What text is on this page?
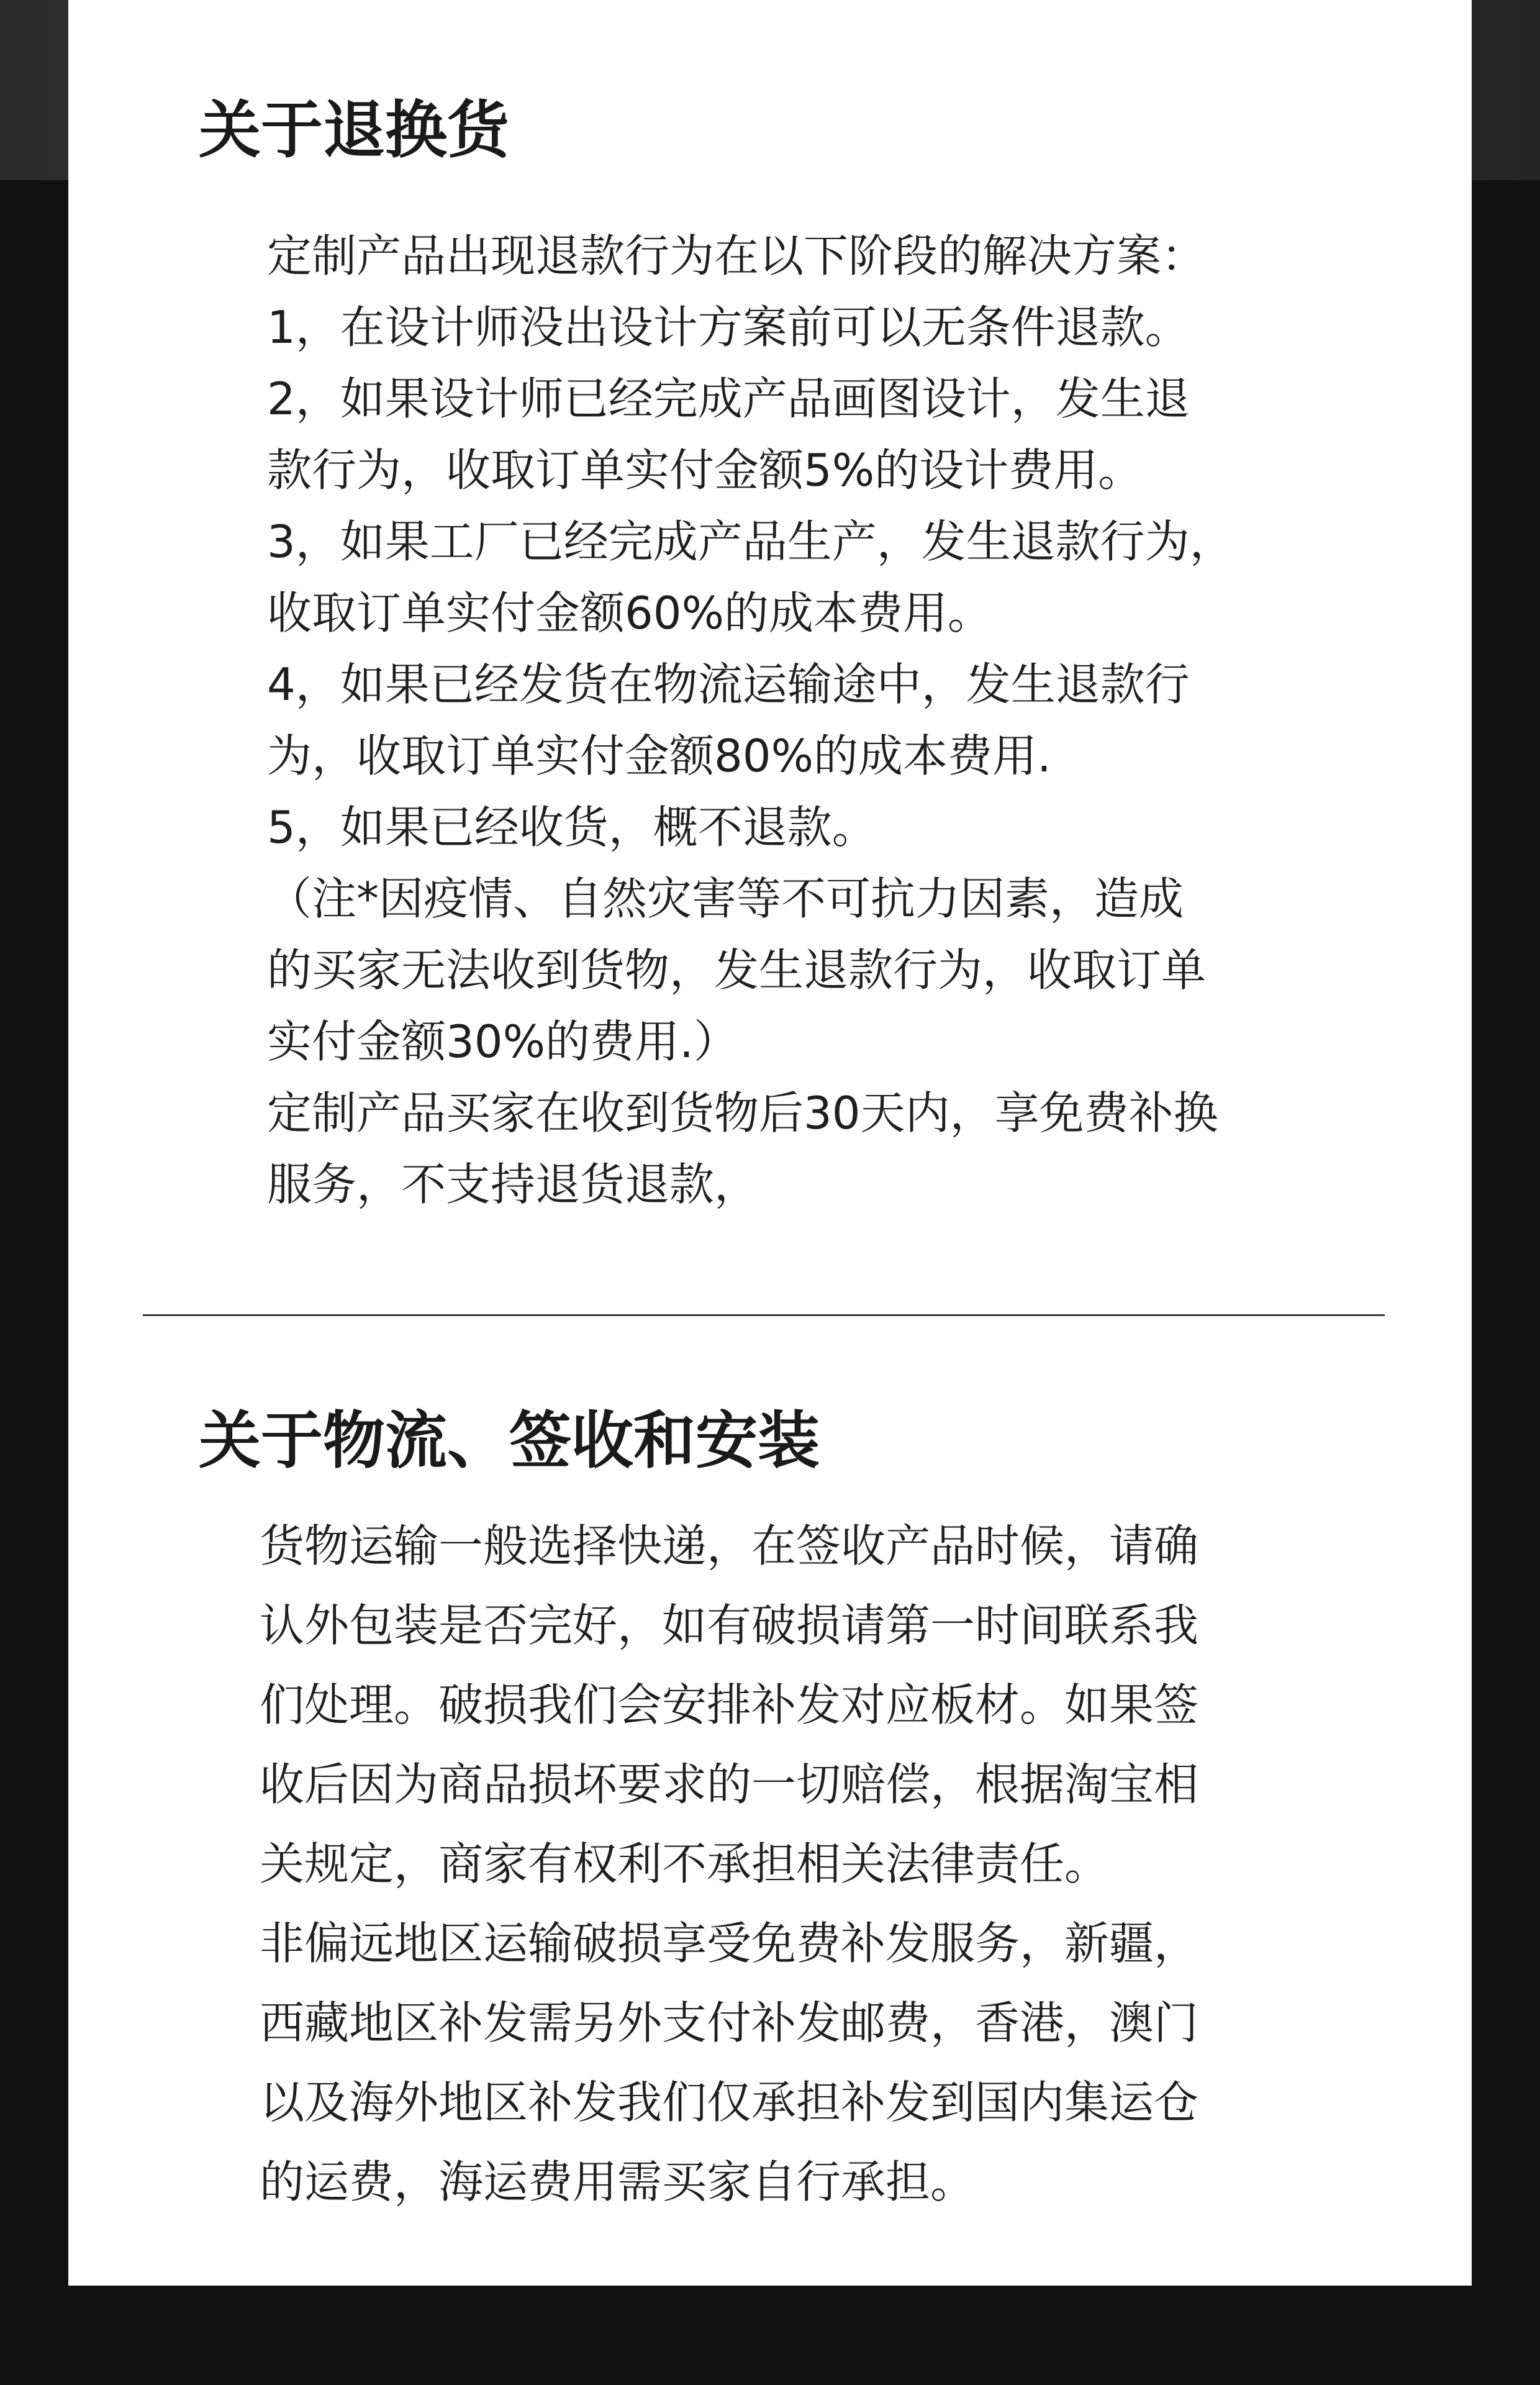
关于退换货
定制产品出现退款行为在以下阶段的解决方案：
1，在设计师没出设计方案前可以无条件退款。
2，如果设计师已经完成产品画图设计，发生退
款行为，收取订单实付金额5%的设计费用。
3，如果工厂已经完成产品生产，发生退款行为，
收取订单实付金额60%的成本费用。
4，如果已经发货在物流运输途中，发生退款行
为，收取订单实付金额80%的成本费用.
5，如果已经收货，概不退款。
（注*因疫情、自然灾害等不可抗力因素，造成
的买家无法收到货物，发生退款行为，收取订单
实付金额30%的费用.）
定制产品买家在收到货物后30天内，享免费补换
服务，不支持退货退款，
关于物流、签收和安装
货物运输一般选择快递，在签收产品时候，请确
认外包装是否完好，如有破损请第一时间联系我
们处理。破损我们会安排补发对应板材。如果签
收后因为商品损坏要求的一切赔偿，根据淘宝相
关规定，商家有权利不承担相关法律责任。
非偏远地区运输破损享受免费补发服务，新疆，
西藏地区补发需另外支付补发邮费，香港，澳门
以及海外地区补发我们仅承担补发到国内集运仓
的运费，海运费用需买家自行承担。
